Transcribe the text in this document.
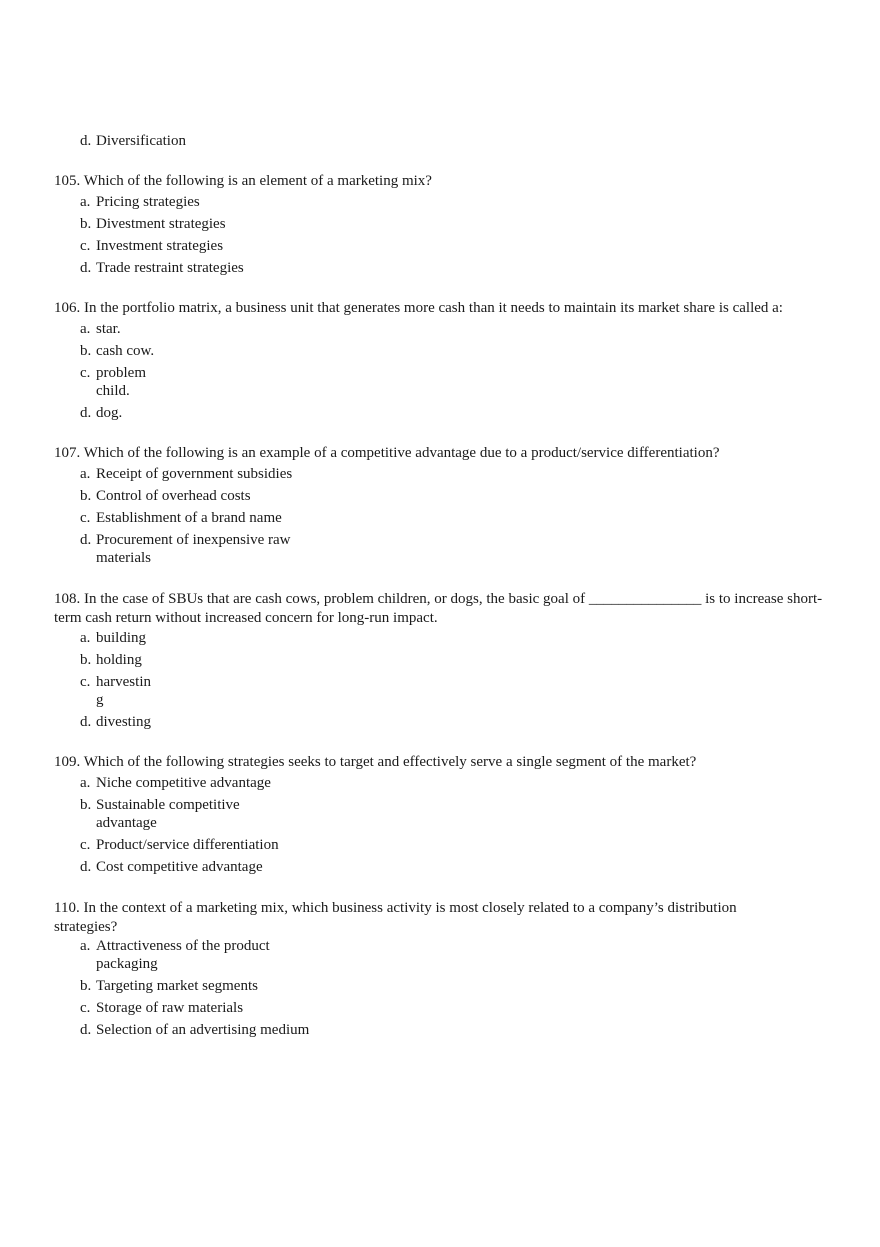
d. Diversification

105. Which of the following is an element of a marketing mix?

a. Pricing strategies
b. Divestment strategies
c. Investment strategies
d. Trade restraint strategies

106. In the portfolio matrix, a business unit that generates more cash than it needs to maintain its market share is called a:

a. star.
b. cash cow.
c. problem child.
d. dog.

107. Which of the following is an example of a competitive advantage due to a product/service differentiation?

a. Receipt of government subsidies
b. Control of overhead costs
c. Establishment of a brand name
d. Procurement of inexpensive raw materials

108. In the case of SBUs that are cash cows, problem children, or dogs, the basic goal of _______________ is to increase short-term cash return without increased concern for long-run impact.

a. building
b. holding
c. harvesting
d. divesting

109. Which of the following strategies seeks to target and effectively serve a single segment of the market?

a. Niche competitive advantage
b. Sustainable competitive advantage
c. Product/service differentiation
d. Cost competitive advantage

110. In the context of a marketing mix, which business activity is most closely related to a company’s distribution strategies?

a. Attractiveness of the product packaging
b. Targeting market segments
c. Storage of raw materials
d. Selection of an advertising medium
